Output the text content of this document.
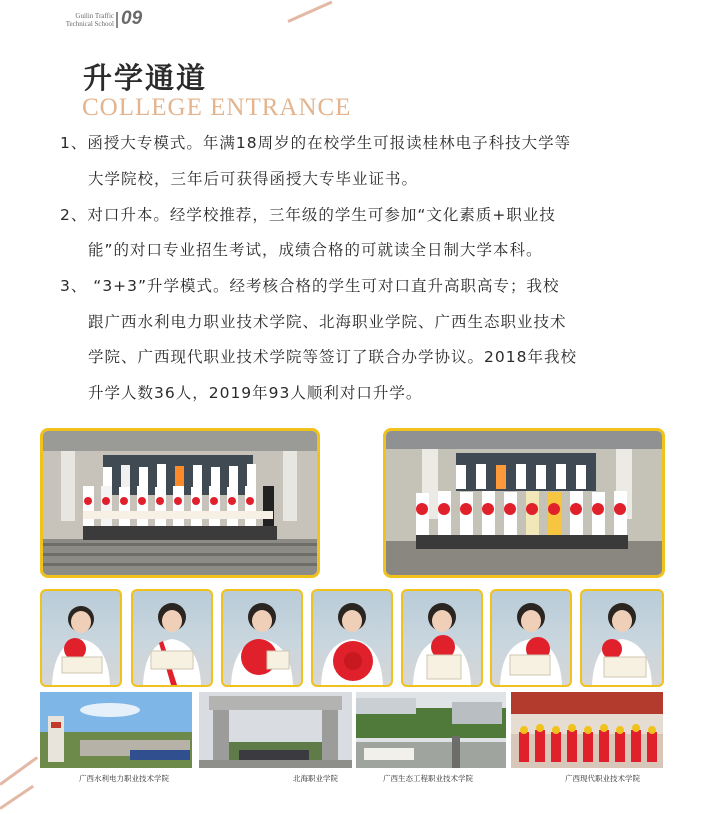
Guilin Traffic
Technical School 09
升学通道
COLLEGE ENTRANCE
1、函授大专模式。年满18周岁的在校学生可报读桂林电子科技大学等
大学院校，三年后可获得函授大专毕业证书。
2、对口升本。经学校推荐，三年级的学生可参加“文化素质+职业技
能”的对口专业招生考试，成绩合格的可就读全日制大学本科。
3、 “3+3”升学模式。经考核合格的学生可对口直升高职高专；我校
跟广西水利电力职业技术学院、北海职业学院、广西生态职业技术
学院、广西现代职业技术学院等签订了联合办学协议。2018年我校
升学人数36人，2019年93人顺利对口升学。
广西水利电力职业技术学院	北海职业学院	广西生态工程职业技术学院	广西现代职业技术学院
